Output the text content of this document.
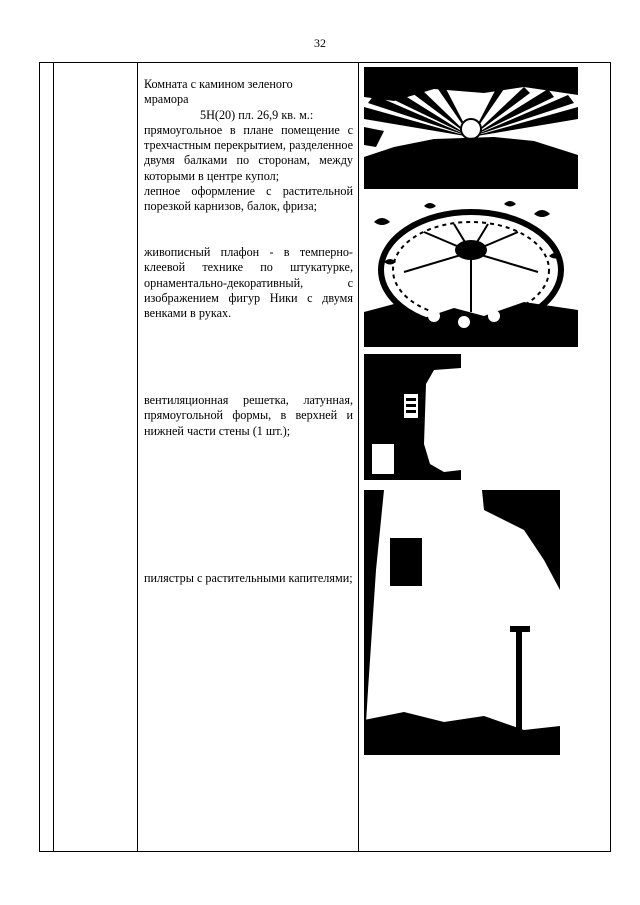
32
Комната с камином зеленого
мрамора
5Н(20) пл. 26,9 кв. м.:
прямоугольное в плане помещение с трехчастным перекрытием, разделенное двумя балками по сторонам, между которыми в центре купол;
лепное оформление с растительной порезкой карнизов, балок, фриза;
живописный плафон - в темперно-клеевой технике по штукатурке, орнаментально-декоративный, с изображением фигур Ники с двумя венками в руках.
вентиляционная решетка, латунная, прямоугольной формы, в верхней и нижней части стены (1 шт.);
пилястры с растительными капителями;
